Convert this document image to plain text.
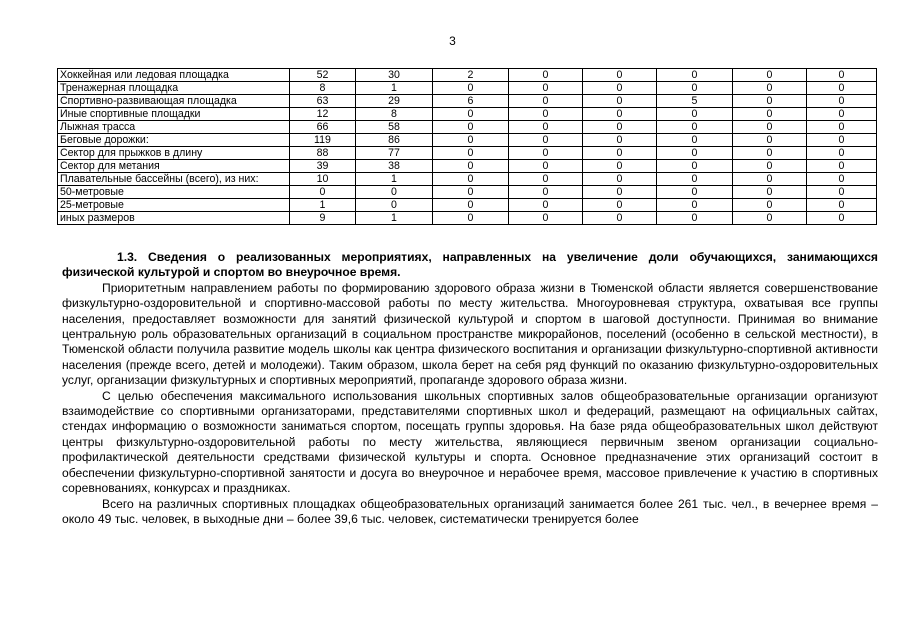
3
Хоккейная или ледовая площадка	52	30	2	0	0	0	0	0
Тренажерная площадка	8	1	0	0	0	0	0	0
Спортивно-развивающая площадка	63	29	6	0	0	5	0	0
Иные спортивные площадки	12	8	0	0	0	0	0	0
Лыжная трасса	66	58	0	0	0	0	0	0
Беговые дорожки:	119	86	0	0	0	0	0	0
Сектор для прыжков в длину	88	77	0	0	0	0	0	0
Сектор для метания	39	38	0	0	0	0	0	0
Плавательные бассейны (всего), из них:	10	1	0	0	0	0	0	0
50-метровые	0	0	0	0	0	0	0	0
25-метровые	1	0	0	0	0	0	0	0
иных размеров	9	1	0	0	0	0	0	0

1.3. Сведения о реализованных мероприятиях, направленных на увеличение доли обучающихся, занимающихся физической культурой и спортом во внеурочное время.

Приоритетным направлением работы по формированию здорового образа жизни в Тюменской области является совершенствование физкультурно-оздоровительной и спортивно-массовой работы по месту жительства. Многоуровневая структура, охватывая все группы населения, предоставляет возможности для занятий физической культурой и спортом в шаговой доступности. Принимая во внимание центральную роль образовательных организаций в социальном пространстве микрорайонов, поселений (особенно в сельской местности), в Тюменской области получила развитие модель школы как центра физического воспитания и организации физкультурно-спортивной активности населения (прежде всего, детей и молодежи). Таким образом, школа берет на себя ряд функций по оказанию физкультурно-оздоровительных услуг, организации физкультурных и спортивных мероприятий, пропаганде здорового образа жизни.

С целью обеспечения максимального использования школьных спортивных залов общеобразовательные организации организуют взаимодействие со спортивными организаторами, представителями спортивных школ и федераций, размещают на официальных сайтах, стендах информацию о возможности заниматься спортом, посещать группы здоровья. На базе ряда общеобразовательных школ действуют центры физкультурно-оздоровительной работы по месту жительства, являющиеся первичным звеном организации социально-профилактической деятельности средствами физической культуры и спорта. Основное предназначение этих организаций состоит в обеспечении физкультурно-спортивной занятости и досуга во внеурочное и нерабочее время, массовое привлечение к участию в спортивных соревнованиях, конкурсах и праздниках.

Всего на различных спортивных площадках общеобразовательных организаций занимается более 261 тыс. чел., в вечернее время – около 49 тыс. человек, в выходные дни – более 39,6 тыс. человек, систематически тренируется более
